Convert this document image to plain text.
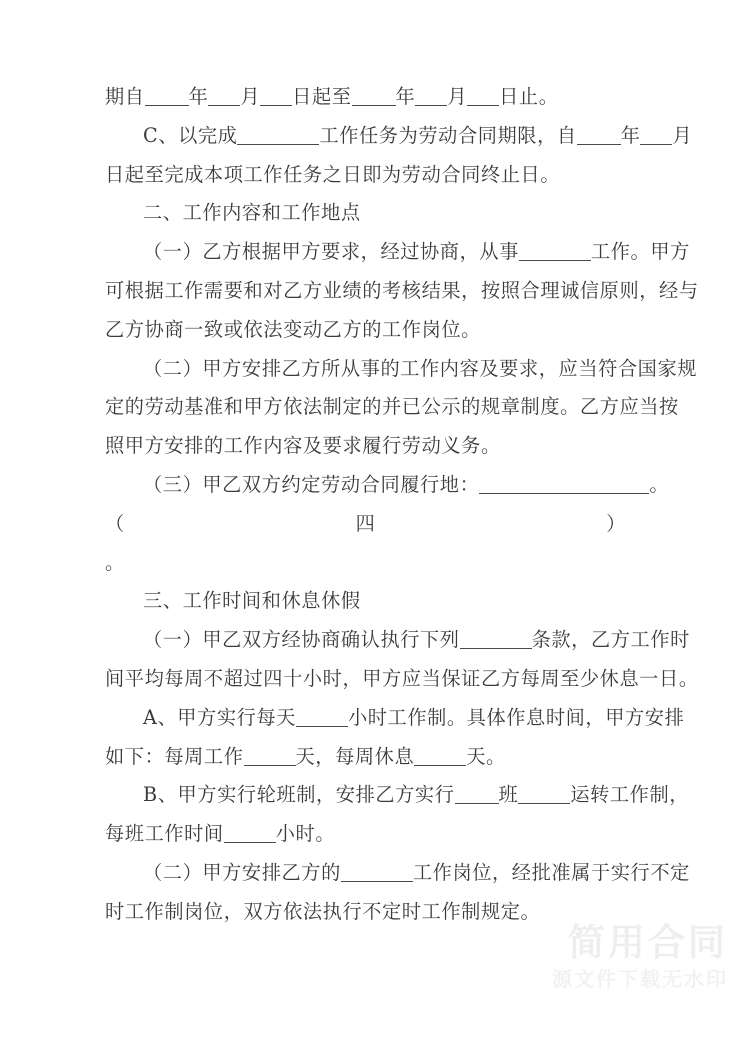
期自 年 月 日起至 年 月 日止。
C、以完成	工作任务为劳动合同期限，自 年 月
日起至完成本项工作任务之日即为劳动合同终止日。
二、工作内容和工作地点
（一）乙方根据甲方要求，经过协商，从事	工作。甲方
可根据工作需要和对乙方业绩的考核结果，按照合理诚信原则，经与
乙方协商一致或依法变动乙方的工作岗位。
（二）甲方安排乙方所从事的工作内容及要求，应当符合国家规
定的劳动基准和甲方依法制定的并已公示的规章制度。乙方应当按
照甲方安排的工作内容及要求履行劳动义务。
（三）甲乙双方约定劳动合同履行地：	。
（	四	）
。
三、工作时间和休息休假
（一）甲乙双方经协商确认执行下列	条款，乙方工作时
间平均每周不超过四十小时，甲方应当保证乙方每周至少休息一日。
A、甲方实行每天	小时工作制。具体作息时间，甲方安排
如下：每周工作	天，每周休息	天。
B、甲方实行轮班制，安排乙方实行 班	运转工作制，
每班工作时间	小时。
（二）甲方安排乙方的	工作岗位，经批准属于实行不定
时工作制岗位，双方依法执行不定时工作制规定。
简用合同
源文件下载无水印
